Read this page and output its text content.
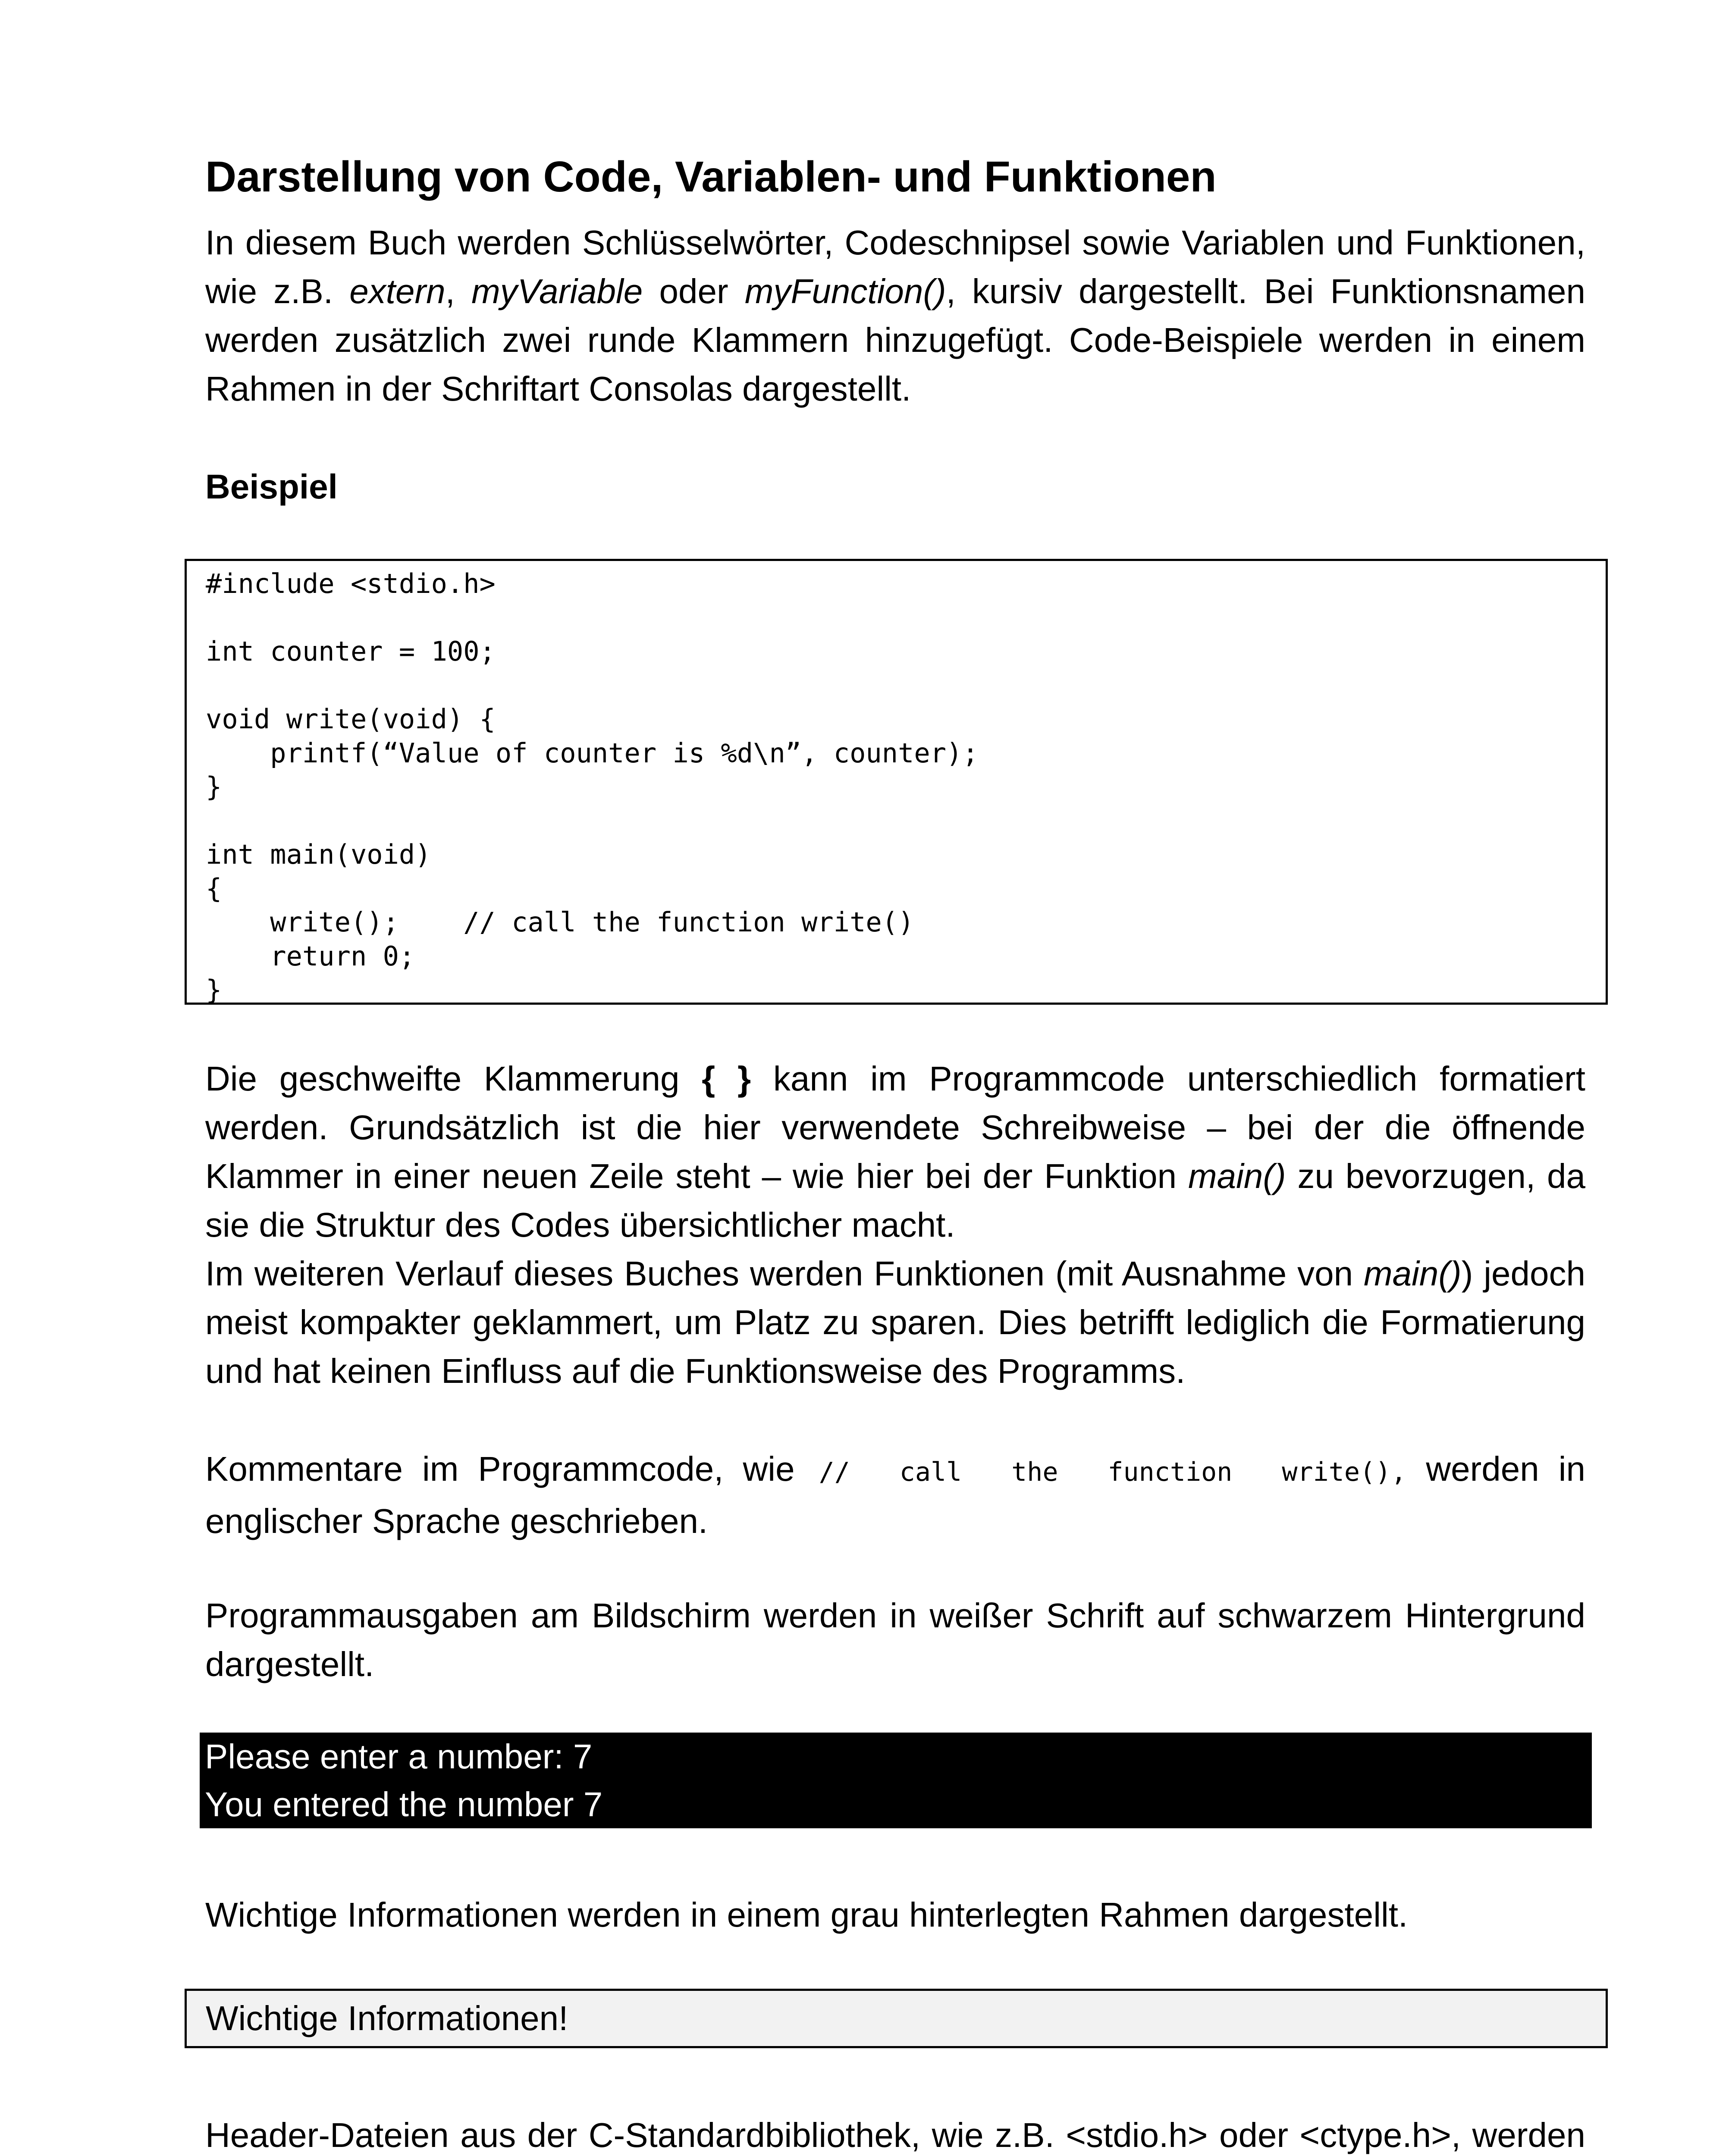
Darstellung von Code, Variablen- und Funktionen

In diesem Buch werden Schlüsselwörter, Codeschnipsel sowie Variablen und Funktionen, wie z.B. extern, myVariable oder myFunction(), kursiv dargestellt. Bei Funktionsnamen werden zusätzlich zwei runde Klammern hinzugefügt. Code-Beispiele werden in einem Rahmen in der Schriftart Consolas dargestellt.

Beispiel
#include <stdio.h>
int counter = 100;
void write(void) {
printf(“Value of counter is %d\n”, counter);
}
int main(void)
{
write();    // call the function write()
return 0;
}

Die geschweifte Klammerung { } kann im Programmcode unterschiedlich formatiert werden. Grundsätzlich ist die hier verwendete Schreibweise – bei der die öffnende Klammer in einer neuen Zeile steht – wie hier bei der Funktion main() zu bevorzugen, da sie die Struktur des Codes übersichtlicher macht.

Im weiteren Verlauf dieses Buches werden Funktionen (mit Ausnahme von main()) jedoch meist kompakter geklammert, um Platz zu sparen. Dies betrifft lediglich die Formatierung und hat keinen Einfluss auf die Funktionsweise des Programms.

Kommentare im Programmcode, wie // call the function write(), werden in englischer Sprache geschrieben.

Programmausgaben am Bildschirm werden in weißer Schrift auf schwarzem Hintergrund dargestellt.

Please enter a number: 7
You entered the number 7

Wichtige Informationen werden in einem grau hinterlegten Rahmen dargestellt.

Wichtige Informationen!

Header-Dateien aus der C-Standardbibliothek, wie z.B. <stdio.h> oder <ctype.h>, werden
